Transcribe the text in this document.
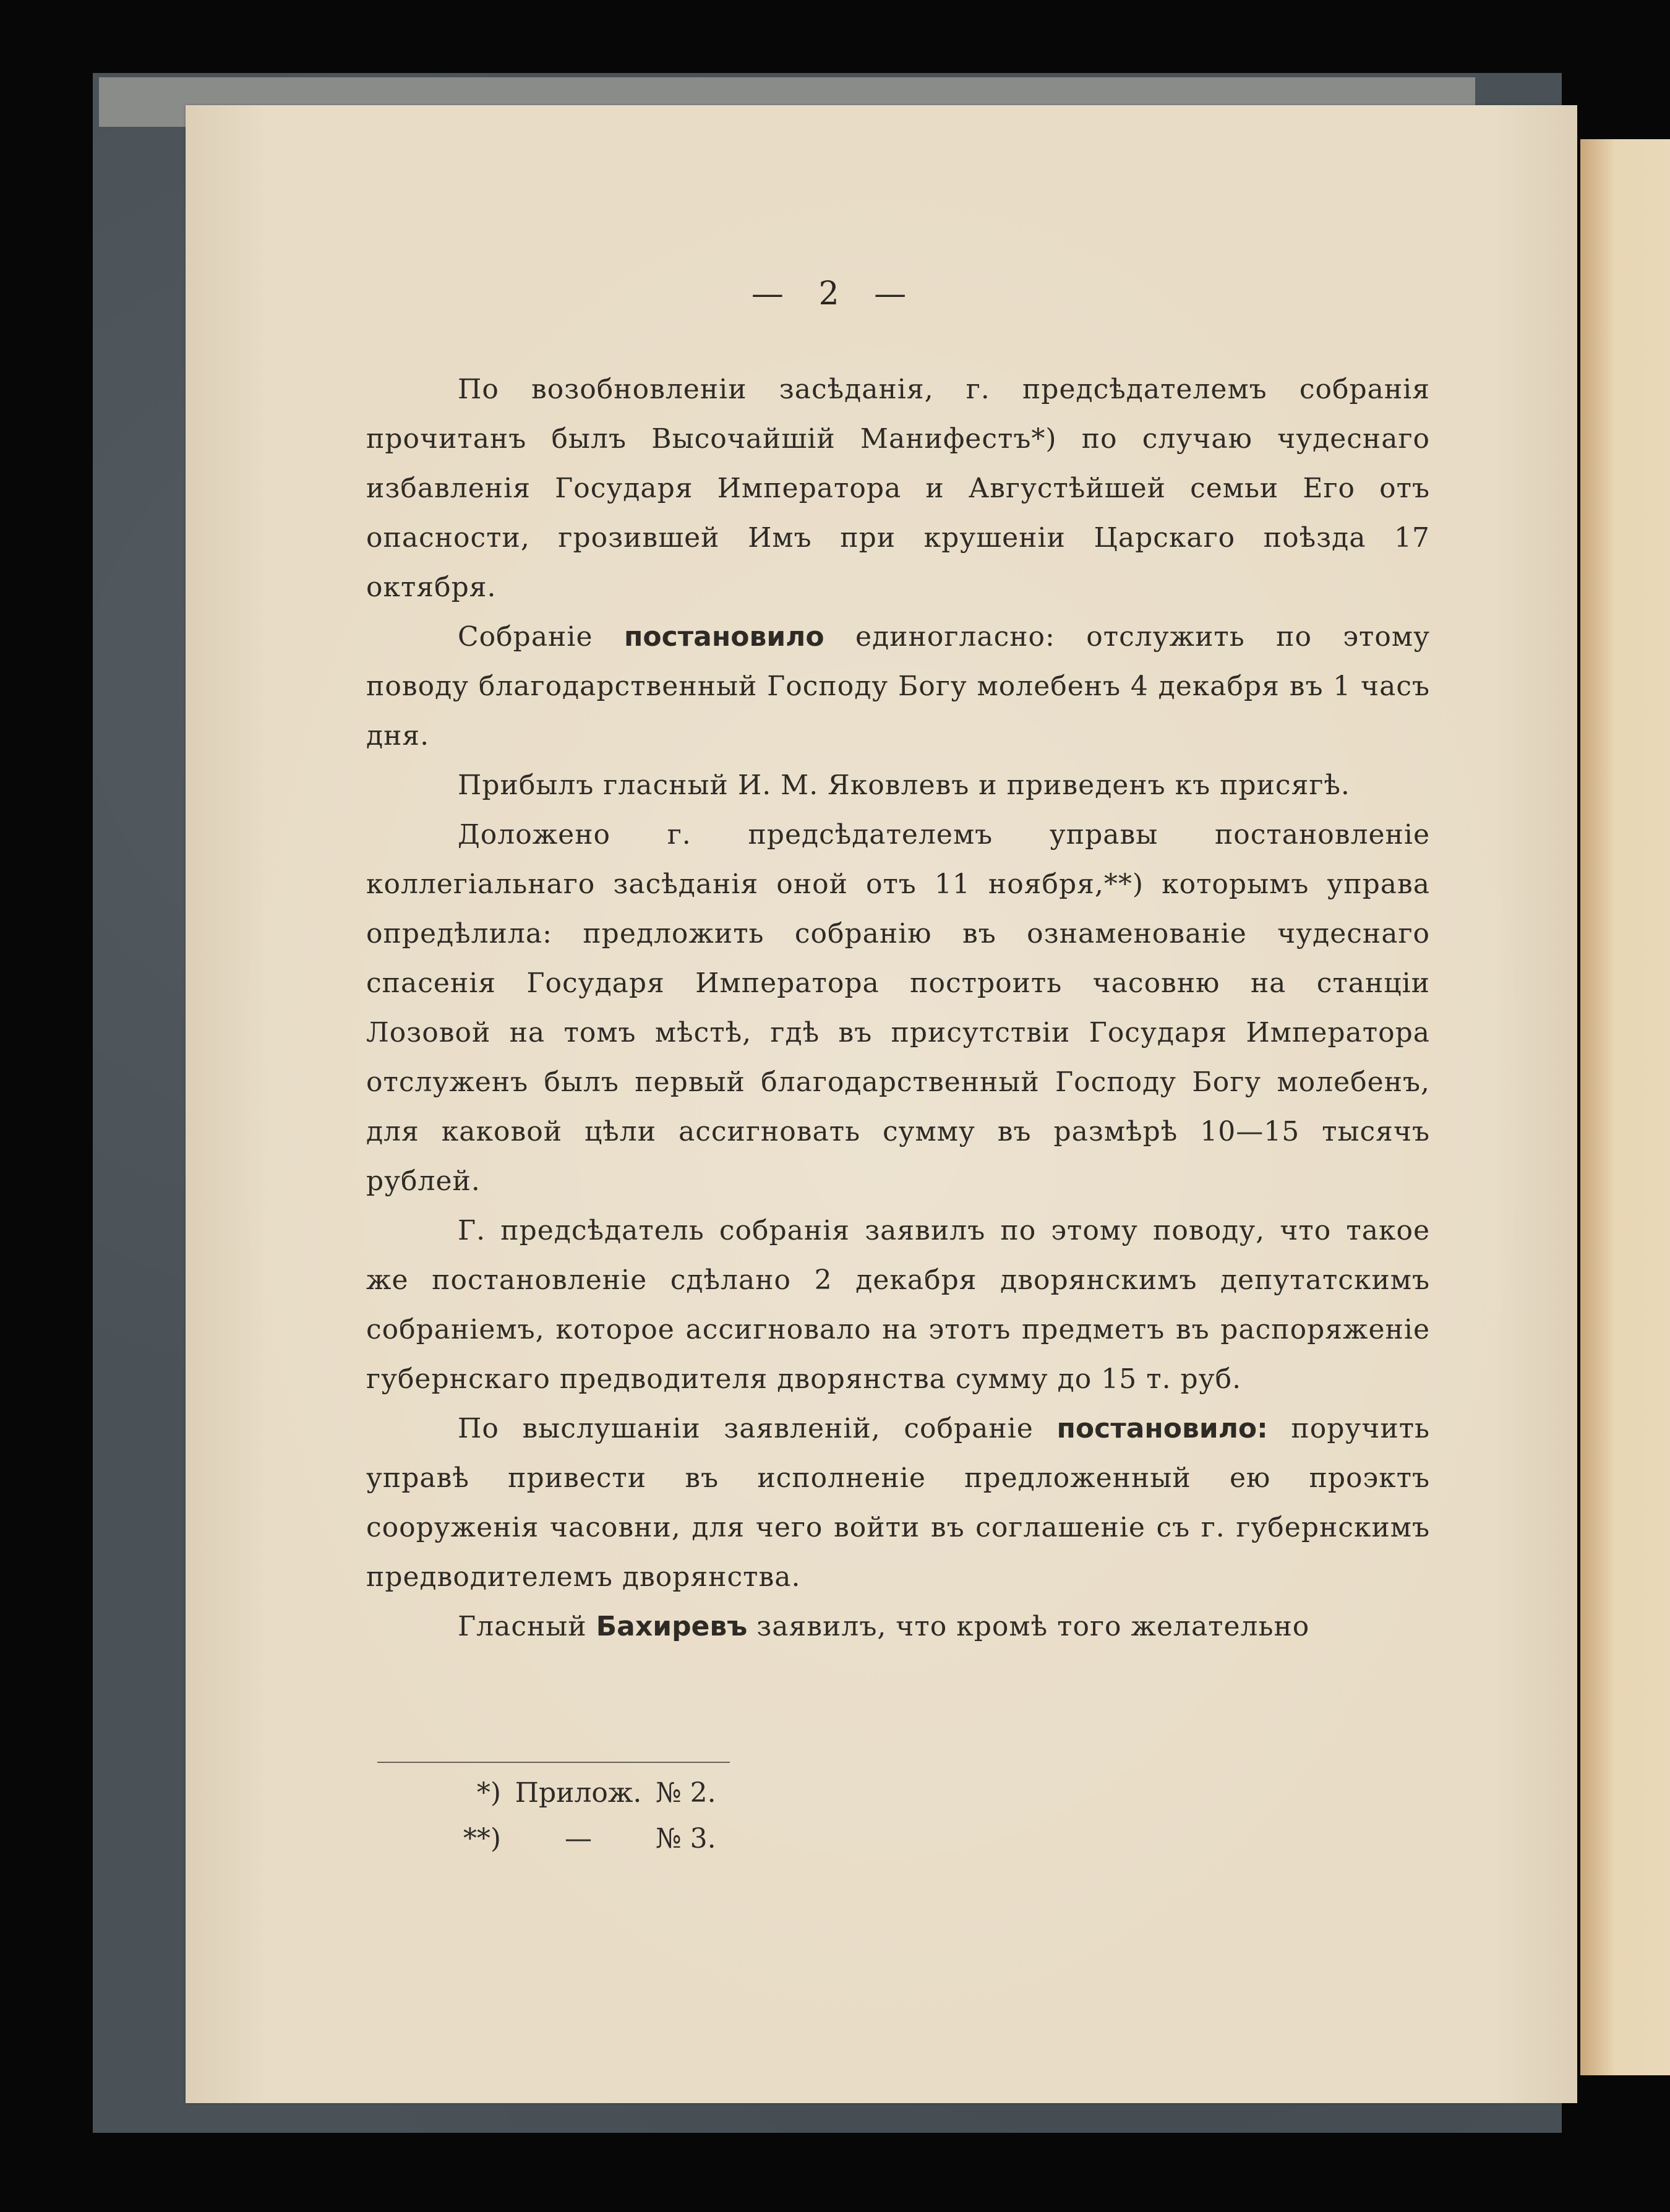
— 2 —

По возобновленіи засѣданія, г. предсѣдателемъ собранія прочитанъ былъ Высочайшій Манифестъ*) по случаю чудеснаго избавленія Государя Императора и Августѣйшей семьи Его отъ опасности, грозившей Имъ при крушеніи Царскаго поѣзда 17 октября.

Собраніе постановило единогласно: отслужить по этому поводу благодарственный Господу Богу молебенъ 4 декабря въ 1 часъ дня.

Прибылъ гласный И. М. Яковлевъ и приведенъ къ присягѣ.

Доложено г. предсѣдателемъ управы постановленіе коллегіальнаго засѣданія оной отъ 11 ноября,**) которымъ управа опредѣлила: предложить собранію въ ознаменованіе чудеснаго спасенія Государя Императора построить часовню на станціи Лозовой на томъ мѣстѣ, гдѣ въ присутствіи Государя Императора отслуженъ былъ первый благодарственный Господу Богу молебенъ, для каковой цѣли ассигновать сумму въ размѣрѣ 10—15 тысячъ рублей.

Г. предсѣдатель собранія заявилъ по этому поводу, что такое же постановленіе сдѣлано 2 декабря дворянскимъ депутатскимъ собраніемъ, которое ассигновало на этотъ предметъ въ распоряженіе губернскаго предводителя дворянства сумму до 15 т. руб.

По выслушаніи заявленій, собраніе постановило: поручить управѣ привести въ исполненіе предложенный ею проэктъ сооруженія часовни, для чего войти въ соглашеніе съ г. губернскимъ предводителемъ дворянства.

Гласный Бахиревъ заявилъ, что кромѣ того желательно

*) Прилож. № 2.
**)	—	№ 3.
